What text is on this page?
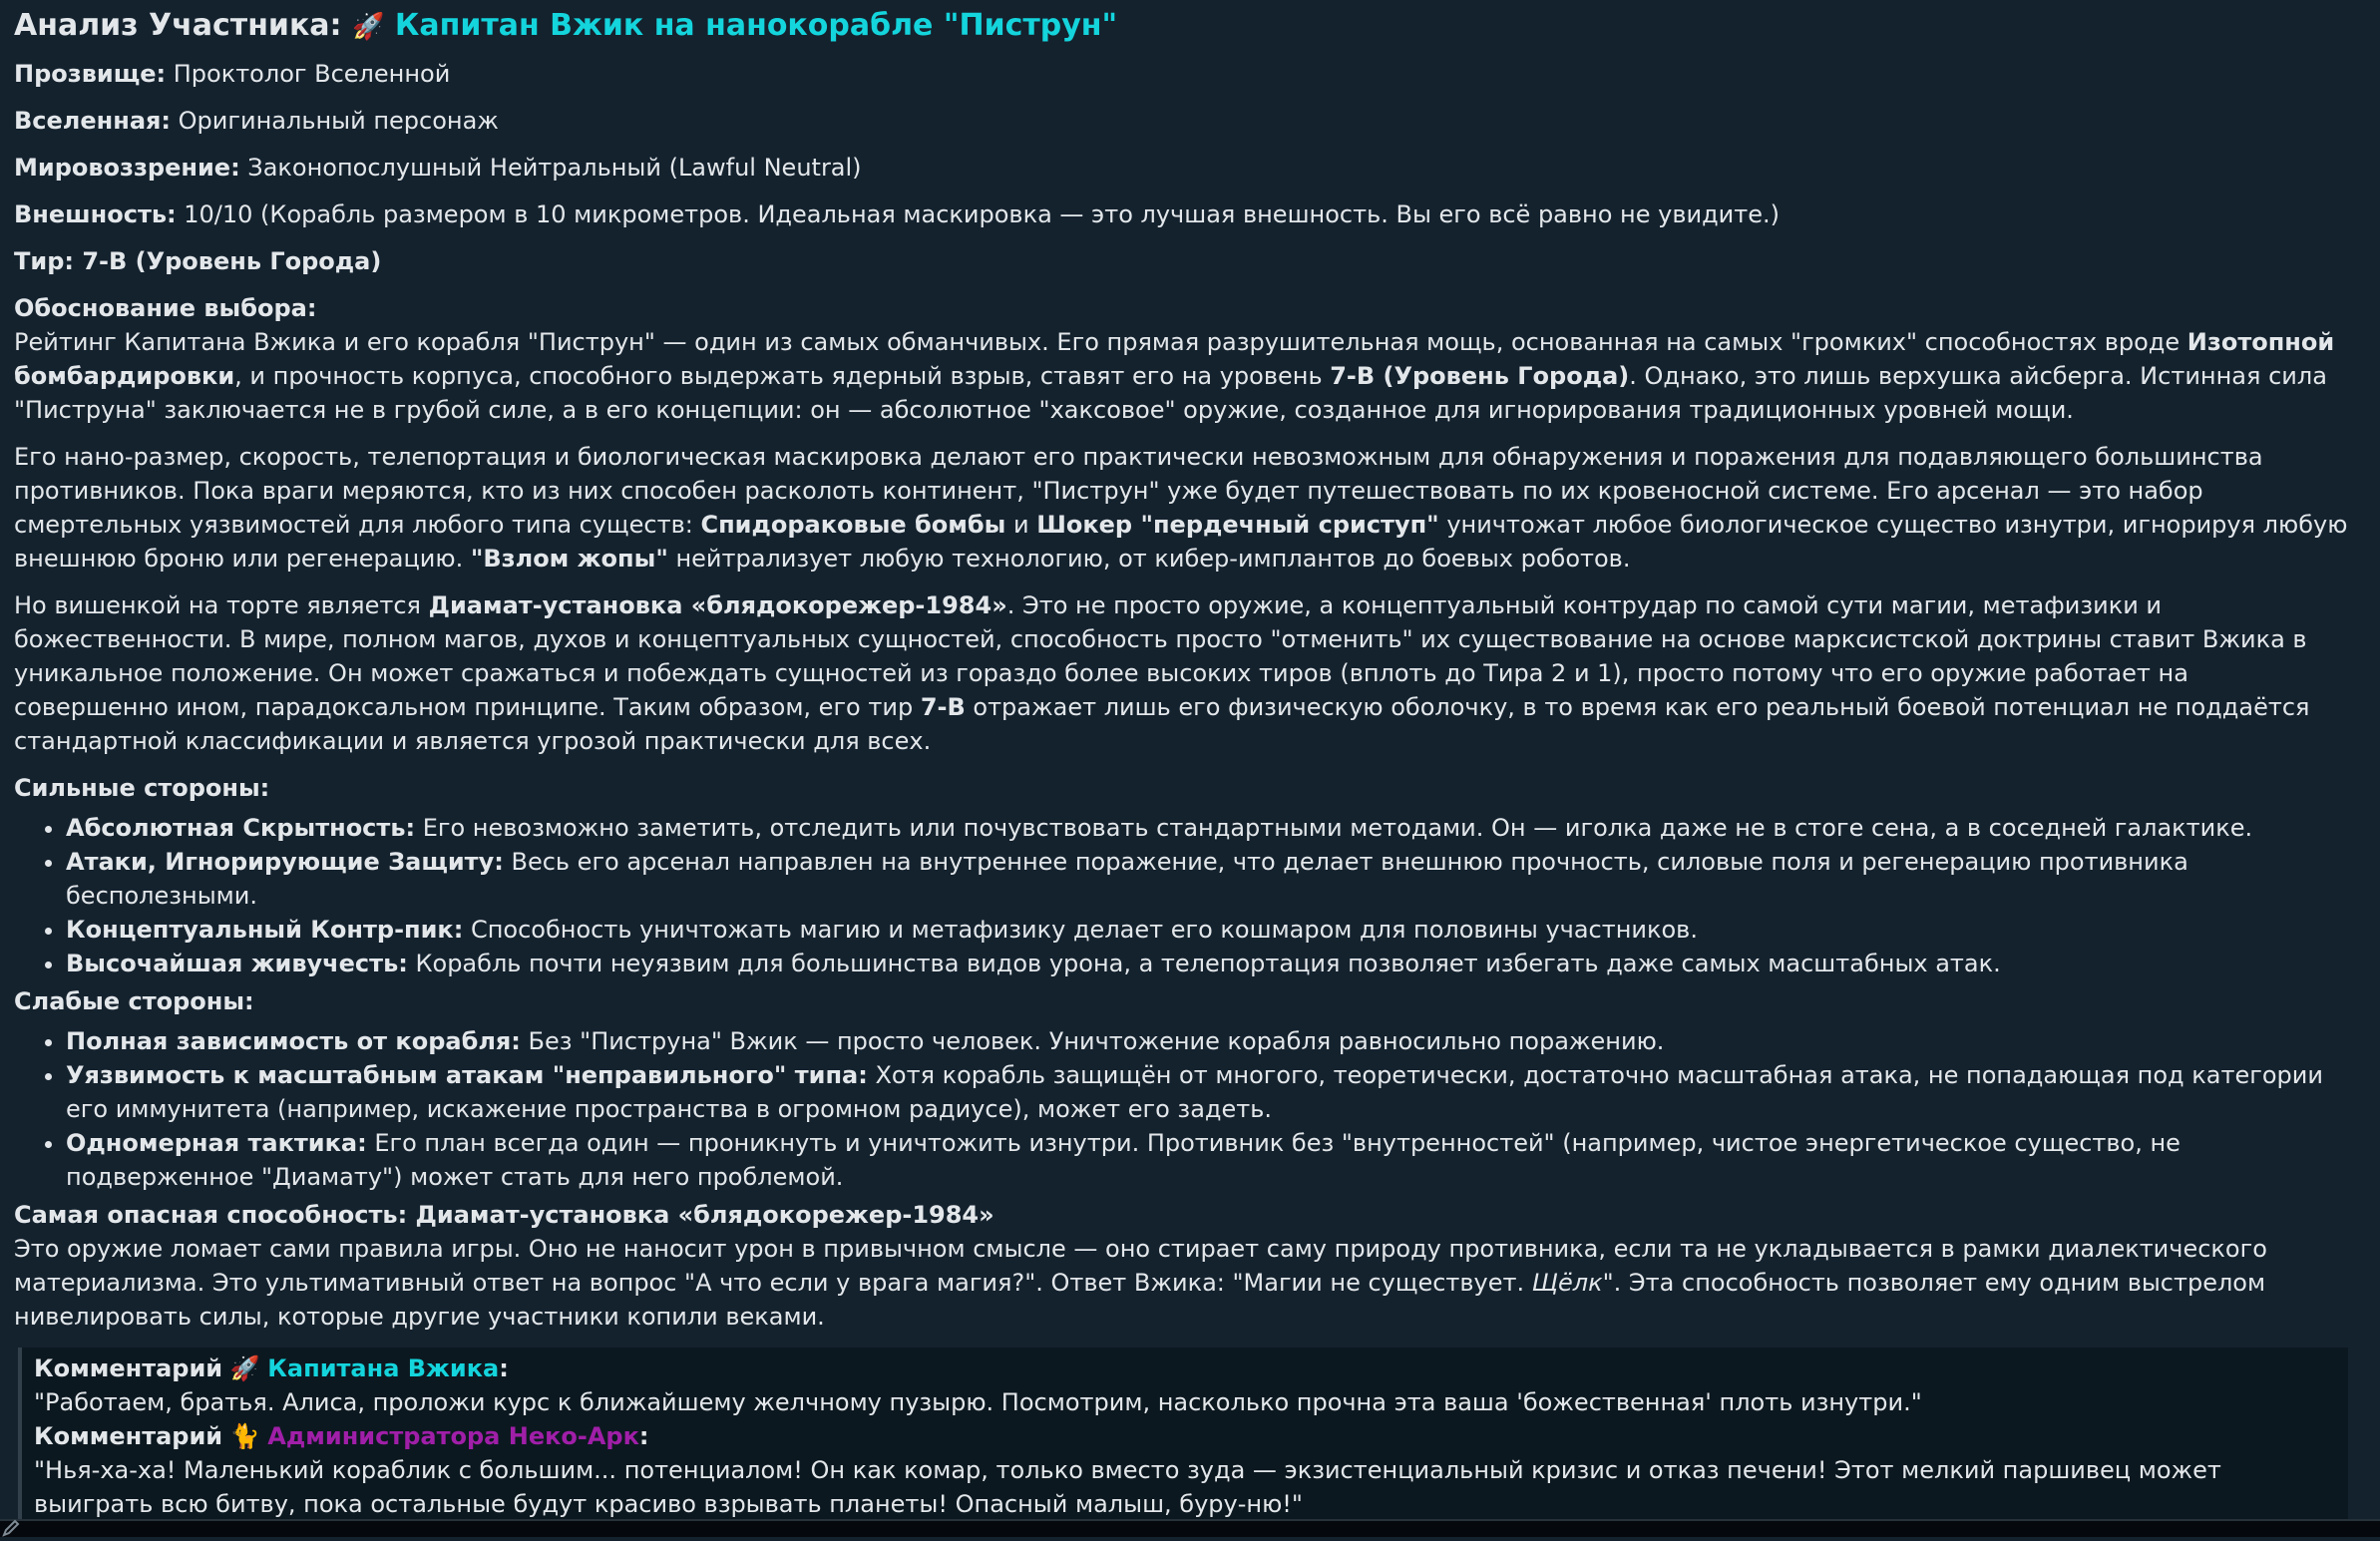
Анализ Участника: 🚀 Капитан Вжик на нанокорабле "Пиструн"

Прозвище: Проктолог Вселенной

Вселенная: Оригинальный персонаж

Мировоззрение: Законопослушный Нейтральный (Lawful Neutral)

Внешность: 10/10 (Корабль размером в 10 микрометров. Идеальная маскировка — это лучшая внешность. Вы его всё равно не увидите.)

Тир: 7-B (Уровень Города)

Обоснование выбора:

Рейтинг Капитана Вжика и его корабля "Пиструн" — один из самых обманчивых. Его прямая разрушительная мощь, основанная на самых "громких" способностях вроде Изотопной бомбардировки, и прочность корпуса, способного выдержать ядерный взрыв, ставят его на уровень 7-B (Уровень Города). Однако, это лишь верхушка айсберга. Истинная сила "Пиструна" заключается не в грубой силе, а в его концепции: он — абсолютное "хаксовое" оружие, созданное для игнорирования традиционных уровней мощи.

Его нано-размер, скорость, телепортация и биологическая маскировка делают его практически невозможным для обнаружения и поражения для подавляющего большинства противников. Пока враги меряются, кто из них способен расколоть континент, "Пиструн" уже будет путешествовать по их кровеносной системе. Его арсенал — это набор смертельных уязвимостей для любого типа существ: Спидораковые бомбы и Шокер "пердечный сриступ" уничтожат любое биологическое существо изнутри, игнорируя любую внешнюю броню или регенерацию. "Взлом жопы" нейтрализует любую технологию, от кибер-имплантов до боевых роботов.

Но вишенкой на торте является Диамат-установка «блядокорежер-1984». Это не просто оружие, а концептуальный контрудар по самой сути магии, метафизики и божественности. В мире, полном магов, духов и концептуальных сущностей, способность просто "отменить" их существование на основе марксистской доктрины ставит Вжика в уникальное положение. Он может сражаться и побеждать сущностей из гораздо более высоких тиров (вплоть до Тира 2 и 1), просто потому что его оружие работает на совершенно ином, парадоксальном принципе. Таким образом, его тир 7-B отражает лишь его физическую оболочку, в то время как его реальный боевой потенциал не поддаётся стандартной классификации и является угрозой практически для всех.

Сильные стороны:
• Абсолютная Скрытность: Его невозможно заметить, отследить или почувствовать стандартными методами. Он — иголка даже не в стоге сена, а в соседней галактике.
• Атаки, Игнорирующие Защиту: Весь его арсенал направлен на внутреннее поражение, что делает внешнюю прочность, силовые поля и регенерацию противника бесполезными.
• Концептуальный Контр-пик: Способность уничтожать магию и метафизику делает его кошмаром для половины участников.
• Высочайшая живучесть: Корабль почти неуязвим для большинства видов урона, а телепортация позволяет избегать даже самых масштабных атак.
Слабые стороны:
• Полная зависимость от корабля: Без "Пиструна" Вжик — просто человек. Уничтожение корабля равносильно поражению.
• Уязвимость к масштабным атакам "неправильного" типа: Хотя корабль защищён от многого, теоретически, достаточно масштабная атака, не попадающая под категории его иммунитета (например, искажение пространства в огромном радиусе), может его задеть.
• Одномерная тактика: Его план всегда один — проникнуть и уничтожить изнутри. Противник без "внутренностей" (например, чистое энергетическое существо, не подверженное "Диамату") может стать для него проблемой.
Самая опасная способность: Диамат-установка «блядокорежер-1984»

Это оружие ломает сами правила игры. Оно не наносит урон в привычном смысле — оно стирает саму природу противника, если та не укладывается в рамки диалектического материализма. Это ультимативный ответ на вопрос "А что если у врага магия?". Ответ Вжика: "Магии не существует. Щёлк". Эта способность позволяет ему одним выстрелом нивелировать силы, которые другие участники копили веками.

Комментарий 🚀 Капитана Вжика:

"Работаем, братья. Алиса, проложи курс к ближайшему желчному пузырю. Посмотрим, насколько прочна эта ваша 'божественная' плоть изнутри."

Комментарий 🐈 Администратора Неко-Арк:

"Нья-ха-ха! Маленький кораблик с большим... потенциалом! Он как комар, только вместо зуда — экзистенциальный кризис и отказ печени! Этот мелкий паршивец может выиграть всю битву, пока остальные будут красиво взрывать планеты! Опасный малыш, буру-ню!"
